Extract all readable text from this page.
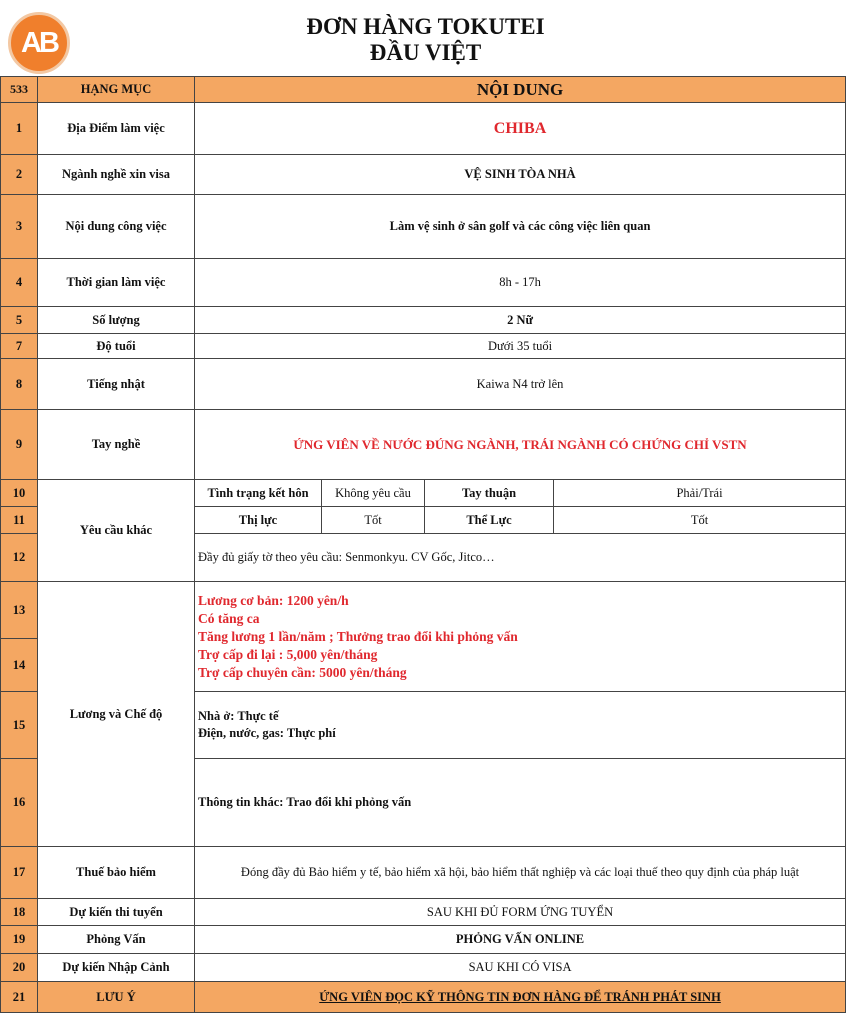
AB	ĐƠN HÀNG TOKUTEI
ĐẦU VIỆT
533	HẠNG MỤC	NỘI DUNG			
1	Địa Điểm làm việc	CHIBA			
2	Ngành nghề xin visa	VỆ SINH TÒA NHÀ			
3	Nội dung công việc	Làm vệ sinh ở sân golf và các công việc liên quan			
4	Thời gian làm việc	8h - 17h			
5	Số lượng	2 Nữ			
7	Độ tuổi	Dưới 35 tuổi			
8	Tiếng nhật	Kaiwa N4 trở lên			
9	Tay nghề	ỨNG VIÊN VỀ NƯỚC ĐÚNG NGÀNH, TRÁI NGÀNH CÓ CHỨNG CHỈ VSTN			
10	Yêu cầu khác	Tình trạng kết hôn	Không yêu cầu	Tay thuận	Phải/Trái
11		Thị lực	Tốt	Thể Lực	Tốt
12		Đầy đủ giấy tờ theo yêu cầu: Senmonkyu. CV Gốc, Jitco…			
13	Lương và Chế độ	Lương cơ bản: 1200 yên/h
Có tăng ca
Tăng lương 1 lần/năm ; Thưởng trao đổi khi phỏng vấn
Trợ cấp đi lại : 5,000 yên/tháng
Trợ cấp chuyên cần: 5000 yên/tháng			

14					
15		Nhà ở: Thực tế
Điện, nước, gas: Thực phí			

16		Thông tin khác: Trao đổi khi phỏng vấn			
17	Thuế bảo hiểm	Đóng đầy đủ Bảo hiểm y tế, bảo hiểm xã hội, bảo hiểm thất nghiệp và các loại thuế theo quy định của pháp luật			
18	Dự kiến thi tuyển	SAU KHI ĐỦ FORM ỨNG TUYỂN			
19	Phỏng Vấn	PHỎNG VẤN ONLINE			
20	Dự kiến Nhập Cảnh	SAU KHI CÓ VISA			
21	LƯU Ý	ỨNG VIÊN ĐỌC KỸ THÔNG TIN ĐƠN HÀNG ĐỂ TRÁNH PHÁT SINH			
